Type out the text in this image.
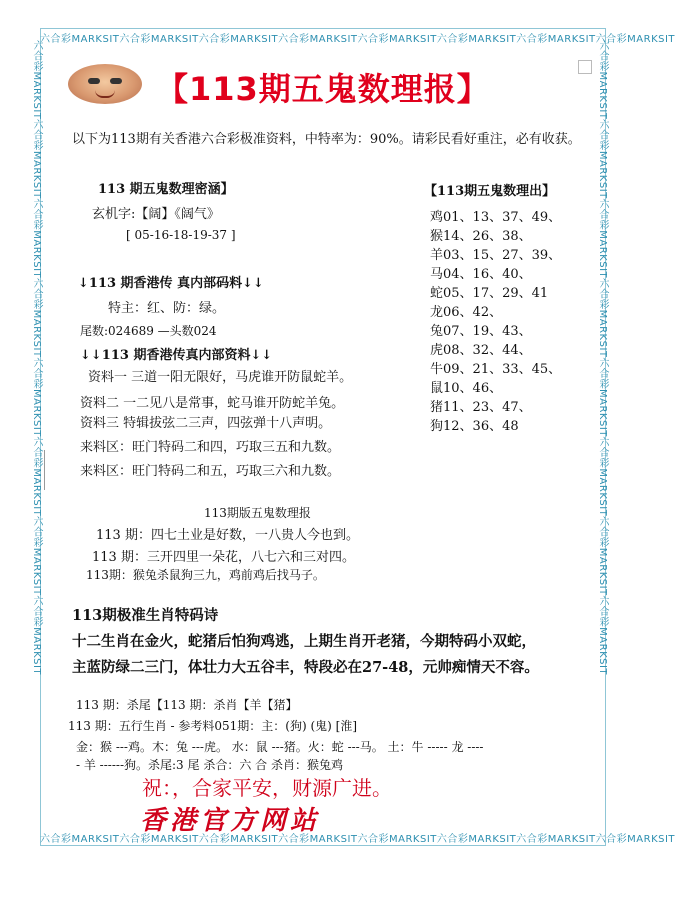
六合彩MARKSIT六合彩MARKSIT六合彩MARKSIT六合彩MARKSIT六合彩MARKSIT六合彩MARKSIT六合彩MARKSIT六合彩MARKSIT
六合彩MARKSIT六合彩MARKSIT六合彩MARKSIT六合彩MARKSIT六合彩MARKSIT六合彩MARKSIT六合彩MARKSIT六合彩MARKSIT
六合彩MARKSIT六合彩MARKSIT六合彩MARKSIT六合彩MARKSIT六合彩MARKSIT六合彩MARKSIT六合彩MARKSIT六合彩MARKSIT	六合彩MARKSIT六合彩MARKSIT六合彩MARKSIT六合彩MARKSIT六合彩MARKSIT六合彩MARKSIT六合彩MARKSIT六合彩MARKSIT
【113期五鬼数理报】
以下为113期有关香港六合彩极准资料，中特率为：90%。请彩民看好重注，必有收获。
113 期五鬼数理密涵】
玄机字:【阔】《阔气》
[ 05-16-18-19-37 ]
↓113 期香港传 真内部码料↓↓
特主：红、防：绿。
尾数:024689 —头数024
↓↓113 期香港传真内部资料↓↓
资料一 三道一阳无限好，马虎谁开防鼠蛇羊。
资料二 一二见八是常事，蛇马谁开防蛇羊兔。
资料三 特辑拔弦二三声，四弦弹十八声明。
来料区：旺门特码二和四，巧取三五和九数。
来料区：旺门特码二和五，巧取三六和九数。
【113期五鬼数理出】
鸡01、13、37、49、
猴14、26、38、
羊03、15、27、39、
马04、16、40、
蛇05、17、29、41
龙06、42、
兔07、19、43、
虎08、32、44、
牛09、21、33、45、
鼠10、46、
猪11、23、47、
狗12、36、48
113期版五鬼数理报
113 期：四七土业是好数，一八贵人今也到。
113 期：三开四里一朵花，八七六和三对四。
113期：猴兔杀鼠狗三九，鸡前鸡后找马子。
113期极准生肖特码诗
十二生肖在金火，蛇猪后怕狗鸡逃，上期生肖开老猪，今期特码小双蛇，
主蓝防绿二三门，体壮力大五谷丰，特段必在27-48，元帅痴情天不容。
113 期：杀尾【113 期：杀肖【羊【猪】
113 期：五行生肖 - 参考料051期：主：(狗) (鬼) [淮]
金：猴 ---鸡。木：兔 ---虎。 水：鼠 ---猪。火：蛇 ---马。 土：牛 ----- 龙 ----
- 羊 ------狗。杀尾:3 尾 杀合：六 合 杀肖：猴兔鸡
祝：，合家平安，财源广进。
香港官方网站
